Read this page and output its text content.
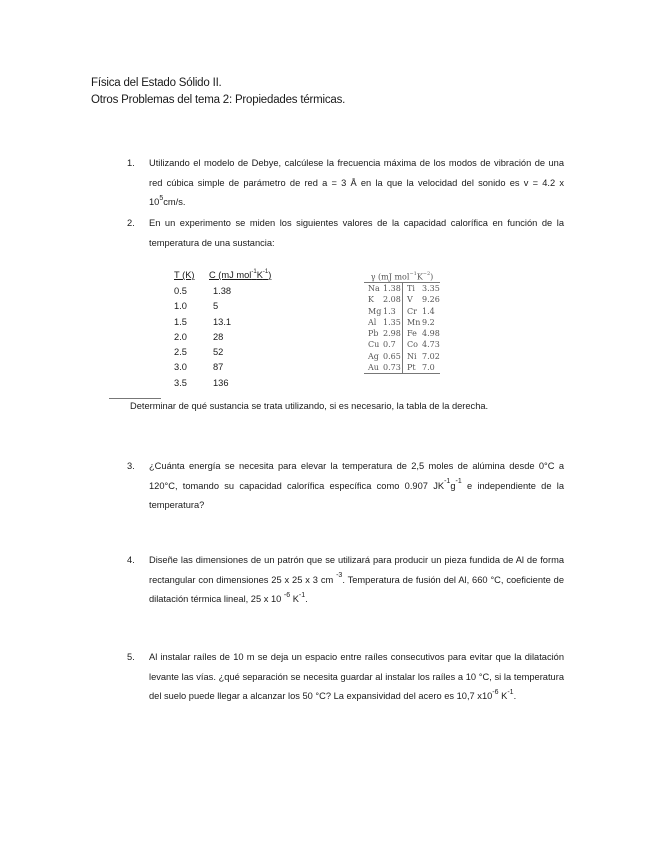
Física del Estado Sólido II.
Otros Problemas del tema 2: Propiedades térmicas.
1. Utilizando el modelo de Debye, calcúlese la frecuencia máxima de los modos de vibración de una red cúbica simple de parámetro de red a = 3 Å en la que la velocidad del sonido es v = 4.2 x $10^5cm/s$.
2. En un experimento se miden los siguientes valores de la capacidad calorífica en función de la temperatura de una sustancia:
T (K)	C (mJ $mol^{-1}K^{-1}$)
0.5	1.38
1.0	5
1.5	13.1
2.0	28
2.5	52
3.0	87
3.5	136
γ (mJ $mol^{-1}K^{-2}$)
Na 1.38 Ti 3.35
K	2.08 V	9.26
Mg 1.3	Cr 1.4
Al 1.35 Mn 9.2
Pb 2.98 Fe 4.98
Cu 0.7	Co 4.73
Ag 0.65 Ni 7.02
Au 0.73 Pt 7.0
Determinar de qué sustancia se trata utilizando, si es necesario, la tabla de la derecha.
3. ¿Cuánta energía se necesita para elevar la temperatura de 2,5 moles de alúmina desde 0°C a 120°C, tomando su capacidad calorífica específica como 0.907 $JK^{-1}g^{-1}$ e independiente de la temperatura?
4. Diseñe las dimensiones de un patrón que se utilizará para producir un pieza fundida de Al de forma rectangular con dimensiones 25 x 25 x 3 cm $^{-3}$. Temperatura de fusión del Al, 660 °C, coeficiente de dilatación térmica lineal, 25 x 10 $^{-6}$ $K^{-1}$.
5. Al instalar raíles de 10 m se deja un espacio entre raíles consecutivos para evitar que la dilatación levante las vías. ¿qué separación se necesita guardar al instalar los raíles a 10 °C, si la temperatura del suelo puede llegar a alcanzar los 50 °C? La expansividad del acero es 10,7 $x10^{-6}$ $K^{-1}$.
